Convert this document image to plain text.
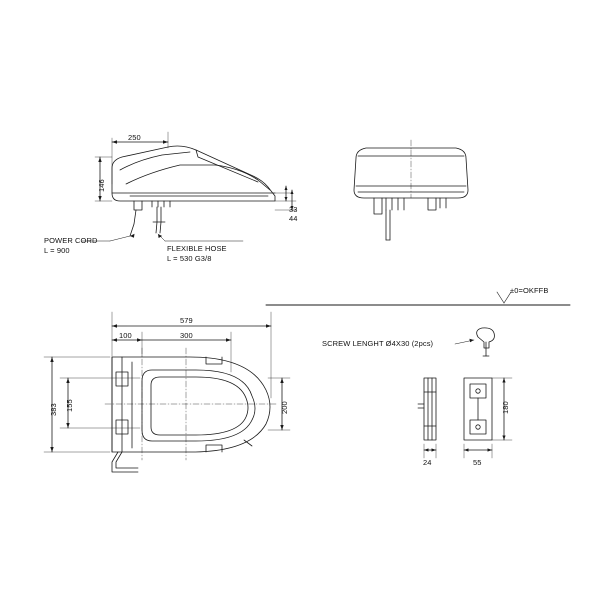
250
146
33
44
POWER CORD
L = 900	FLEXIBLE HOSE
L = 530 G3/8
±0=OKFFB
579
100	300
383 155	200
SCREW LENGHT Ø4X30 (2pcs)
24	55
180
